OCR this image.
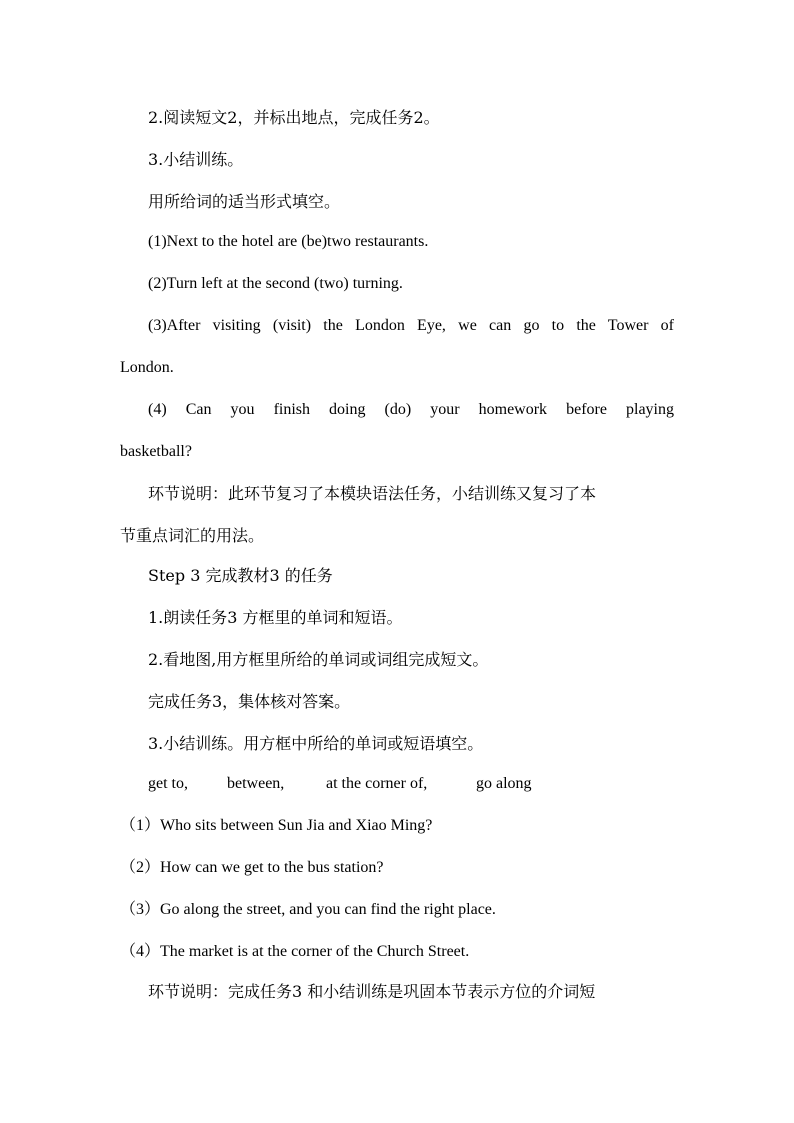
2.阅读短文2，并标出地点，完成任务2。
3.小结训练。
用所给词的适当形式填空。
(1)Next to the hotel are (be)two restaurants.
(2)Turn left at the second (two) turning.
(3)After visiting (visit) the London Eye, we can go to the Tower of
London.
(4) Can you finish doing (do) your homework before playing
basketball?
环节说明：此环节复习了本模块语法任务，小结训练又复习了本
节重点词汇的用法。
Step 3 完成教材3 的任务
1.朗读任务3 方框里的单词和短语。
2.看地图,用方框里所给的单词或词组完成短文。
完成任务3，集体核对答案。
3.小结训练。用方框中所给的单词或短语填空。
get to, between,	at the corner of,	go along
（1）Who sits between Sun Jia and Xiao Ming?
（2）How can we get to the bus station?
（3）Go along the street, and you can find the right place.
（4）The market is at the corner of the Church Street.
环节说明：完成任务3 和小结训练是巩固本节表示方位的介词短
